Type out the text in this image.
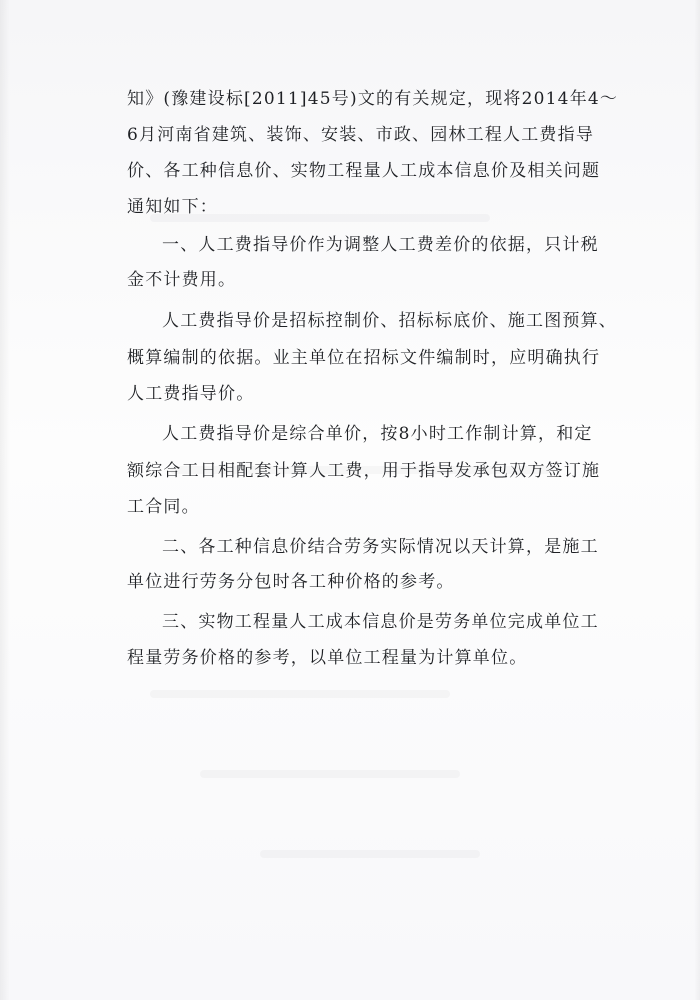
知》(豫建设标[2011]45号)文的有关规定，现将2014年4～
6月河南省建筑、装饰、安装、市政、园林工程人工费指导
价、各工种信息价、实物工程量人工成本信息价及相关问题
通知如下：
一、人工费指导价作为调整人工费差价的依据，只计税
金不计费用。
人工费指导价是招标控制价、招标标底价、施工图预算、
概算编制的依据。业主单位在招标文件编制时，应明确执行
人工费指导价。
人工费指导价是综合单价，按8小时工作制计算，和定
额综合工日相配套计算人工费，用于指导发承包双方签订施
工合同。
二、各工种信息价结合劳务实际情况以天计算，是施工
单位进行劳务分包时各工种价格的参考。
三、实物工程量人工成本信息价是劳务单位完成单位工
程量劳务价格的参考，以单位工程量为计算单位。
